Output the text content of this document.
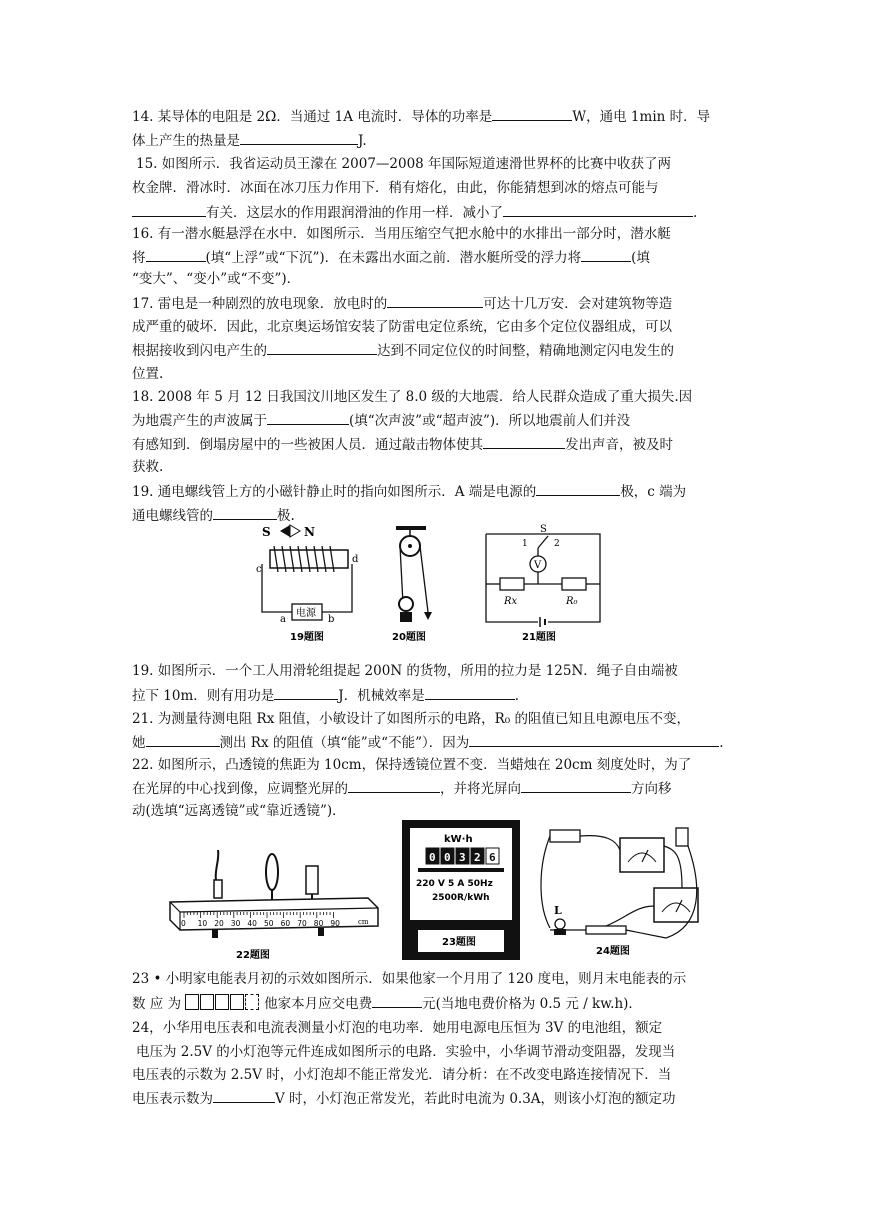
14. 某导体的电阻是 2Ω．当通过 1A 电流时．导体的功率是	W，通电 1min 时．导
体上产生的热量是	J.
15. 如图所示．我省运动员王濛在 2007—2008 年国际短道速滑世界杯的比赛中收获了两
枚金牌．滑冰时．冰面在冰刀压力作用下．稍有熔化，由此，你能猜想到冰的熔点可能与
有关．这层水的作用跟润滑油的作用一样．减小了	.
16. 有一潜水艇悬浮在水中．如图所示．当用压缩空气把水舱中的水排出一部分时，潜水艇
将	(填“上浮”或“下沉”)．在未露出水面之前．潜水艇所受的浮力将	(填
“变大”、“变小”或“不变”)．
17. 雷电是一种剧烈的放电现象．放电时的	可达十几万安．会对建筑物等造
成严重的破坏．因此，北京奥运场馆安装了防雷电定位系统，它由多个定位仪器组成，可以
根据接收到闪电产生的	达到不同定位仪的时间整，精确地测定闪电发生的
位置.
18. 2008 年 5 月 12 日我国汶川地区发生了 8.0 级的大地震．给人民群众造成了重大损失.因
为地震产生的声波属于	(填“次声波”或“超声波”)．所以地震前人们并没
有感知到．倒塌房屋中的一些被困人员．通过敲击物体使其	发出声音，被及时
获救.
19. 通电螺线管上方的小磁针静止时的指向如图所示．A 端是电源的	极，c 端为
通电螺线管的	极.
S	N
c
d
电源
a	b
19题图	20题图
V
S
1	2
Rx	R₀
21题图
19. 如图所示．一个工人用滑轮组提起 200N 的货物，所用的拉力是 125N．绳子自由端被
拉下 10m．则有用功是	J．机械效率是	.
21. 为测量待测电阻 Rx 阻值，小敏设计了如图所示的电路，R₀ 的阻值已知且电源电压不变，
她	测出 Rx 的阻值（填“能”或“不能”）．因为	.
22. 如图所示，凸透镜的焦距为 10cm，保持透镜位置不变．当蜡烛在 20cm 刻度处时，为了
在光屏的中心找到像，应调整光屏的	，并将光屏向	方向移
动(选填“远离透镜”或“靠近透镜”)．
0 10 20 30 40 50 60 70 80 90	cm
22题图
kW·h
0 0 3 2 6
220 V 5 A 50Hz
2500R/kWh
23题图
L
24题图
23 • 小明家电能表月初的示效如图所示．如果他家一个月用了 120 度电，则月末电能表的示
数 应 为	他家本月应交电费	元(当地电费价格为 0.5 元 / kw.h)．
24，小华用电压表和电流表测量小灯泡的电功率．她用电源电压恒为 3V 的电池组，额定
电压为 2.5V 的小灯泡等元件连成如图所示的电路．实验中，小华调节滑动变阻器，发现当
电压表的示数为 2.5V 时，小灯泡却不能正常发光．请分析：在不改变电路连接情况下．当
电压表示数为	V 时，小灯泡正常发光，若此时电流为 0.3A，则该小灯泡的额定功
